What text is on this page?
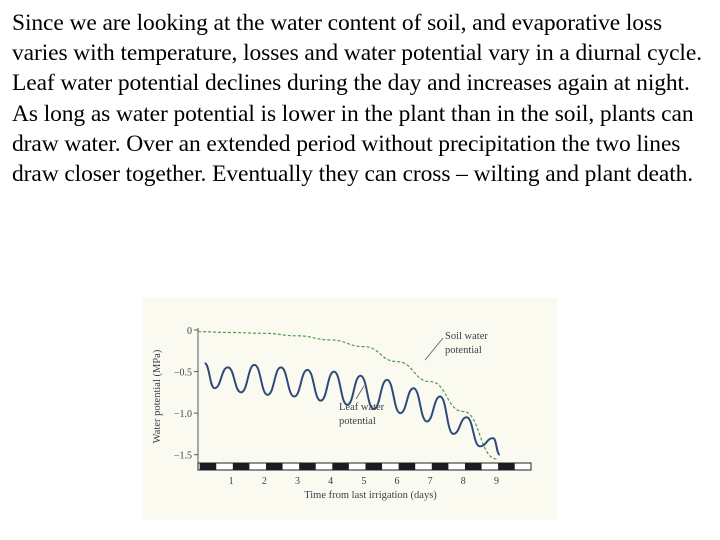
Since we are looking at the water content of soil, and evaporative loss varies with temperature, losses and water potential vary in a diurnal cycle. Leaf water potential declines during the day and increases again at night. As long as water potential is lower in the plant than in the soil, plants can draw water. Over an extended period without precipitation the two lines draw closer together. Eventually they can cross – wilting and plant death.

0
−0.5
−1.0
−1.5
1	2	3	4	5	6	7	8	9
Water potential (MPa)
Time from last irrigation (days)
Soil water
potential
Leaf water
potential
